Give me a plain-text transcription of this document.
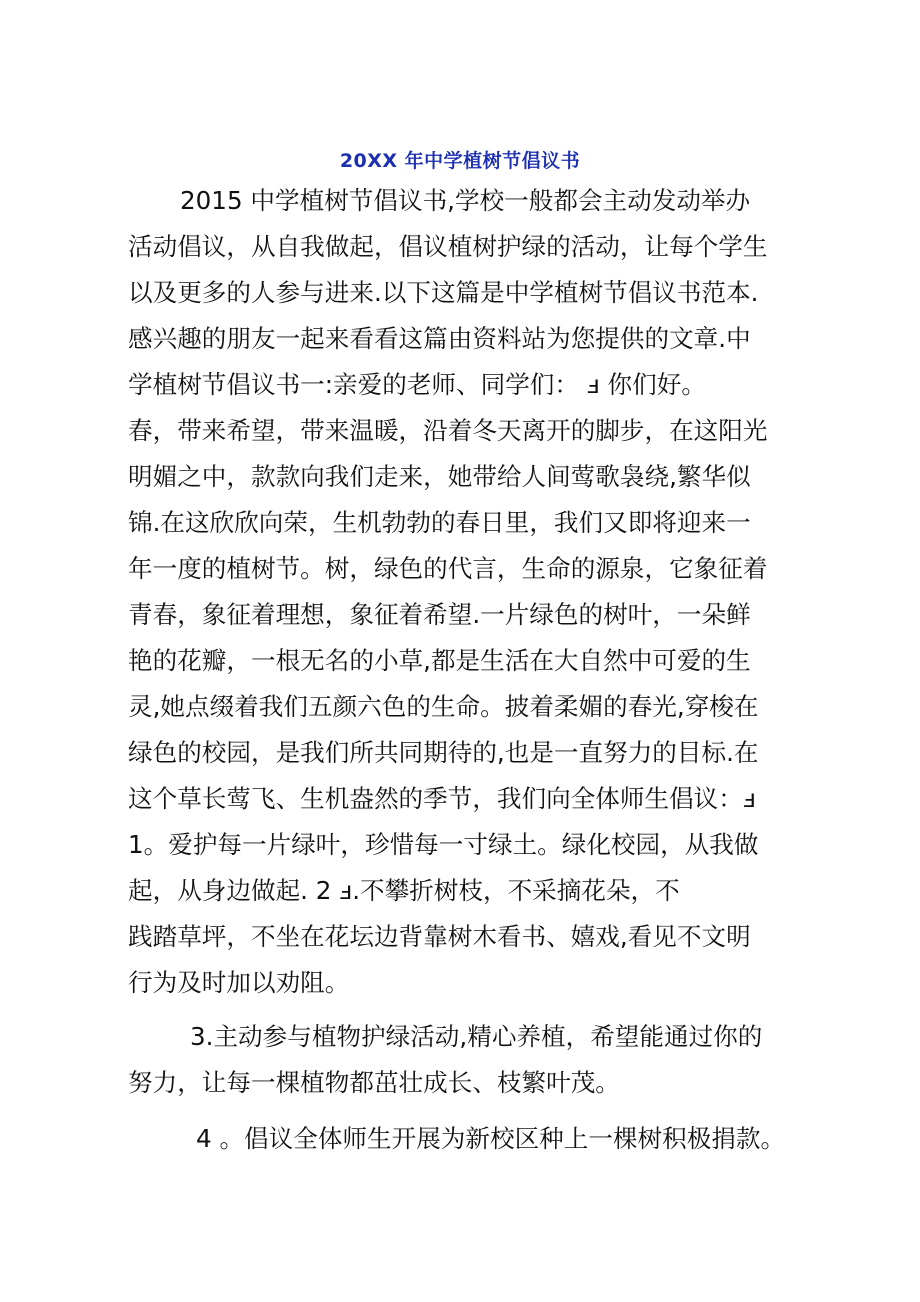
20XX 年中学植树节倡议书
2015 中学植树节倡议书,学校一般都会主动发动举办
活动倡议，从自我做起，倡议植树护绿的活动，让每个学生
以及更多的人参与进来.以下这篇是中学植树节倡议书范本.
感兴趣的朋友一起来看看这篇由资料站为您提供的文章.中
学植树节倡议书一:亲爱的老师、同学们： ⅎ 你们好。
春，带来希望，带来温暖，沿着冬天离开的脚步，在这阳光
明媚之中，款款向我们走来，她带给人间莺歌袅绕,繁华似
锦.在这欣欣向荣，生机勃勃的春日里，我们又即将迎来一
年一度的植树节。树，绿色的代言，生命的源泉，它象征着
青春，象征着理想，象征着希望.一片绿色的树叶，一朵鲜
艳的花瓣，一根无名的小草,都是生活在大自然中可爱的生
灵,她点缀着我们五颜六色的生命。披着柔媚的春光,穿梭在
绿色的校园，是我们所共同期待的,也是一直努力的目标.在
这个草长莺飞、生机盎然的季节，我们向全体师生倡议：ⅎ
1。爱护每一片绿叶，珍惜每一寸绿土。绿化校园，从我做
起，从身边做起. 2 ⅎ.不攀折树枝，不采摘花朵，不
践踏草坪，不坐在花坛边背靠树木看书、嬉戏,看见不文明
行为及时加以劝阻。
3.主动参与植物护绿活动,精心养植，希望能通过你的
努力，让每一棵植物都茁壮成长、枝繁叶茂。
4 。倡议全体师生开展为新校区种上一棵树积极捐款。
